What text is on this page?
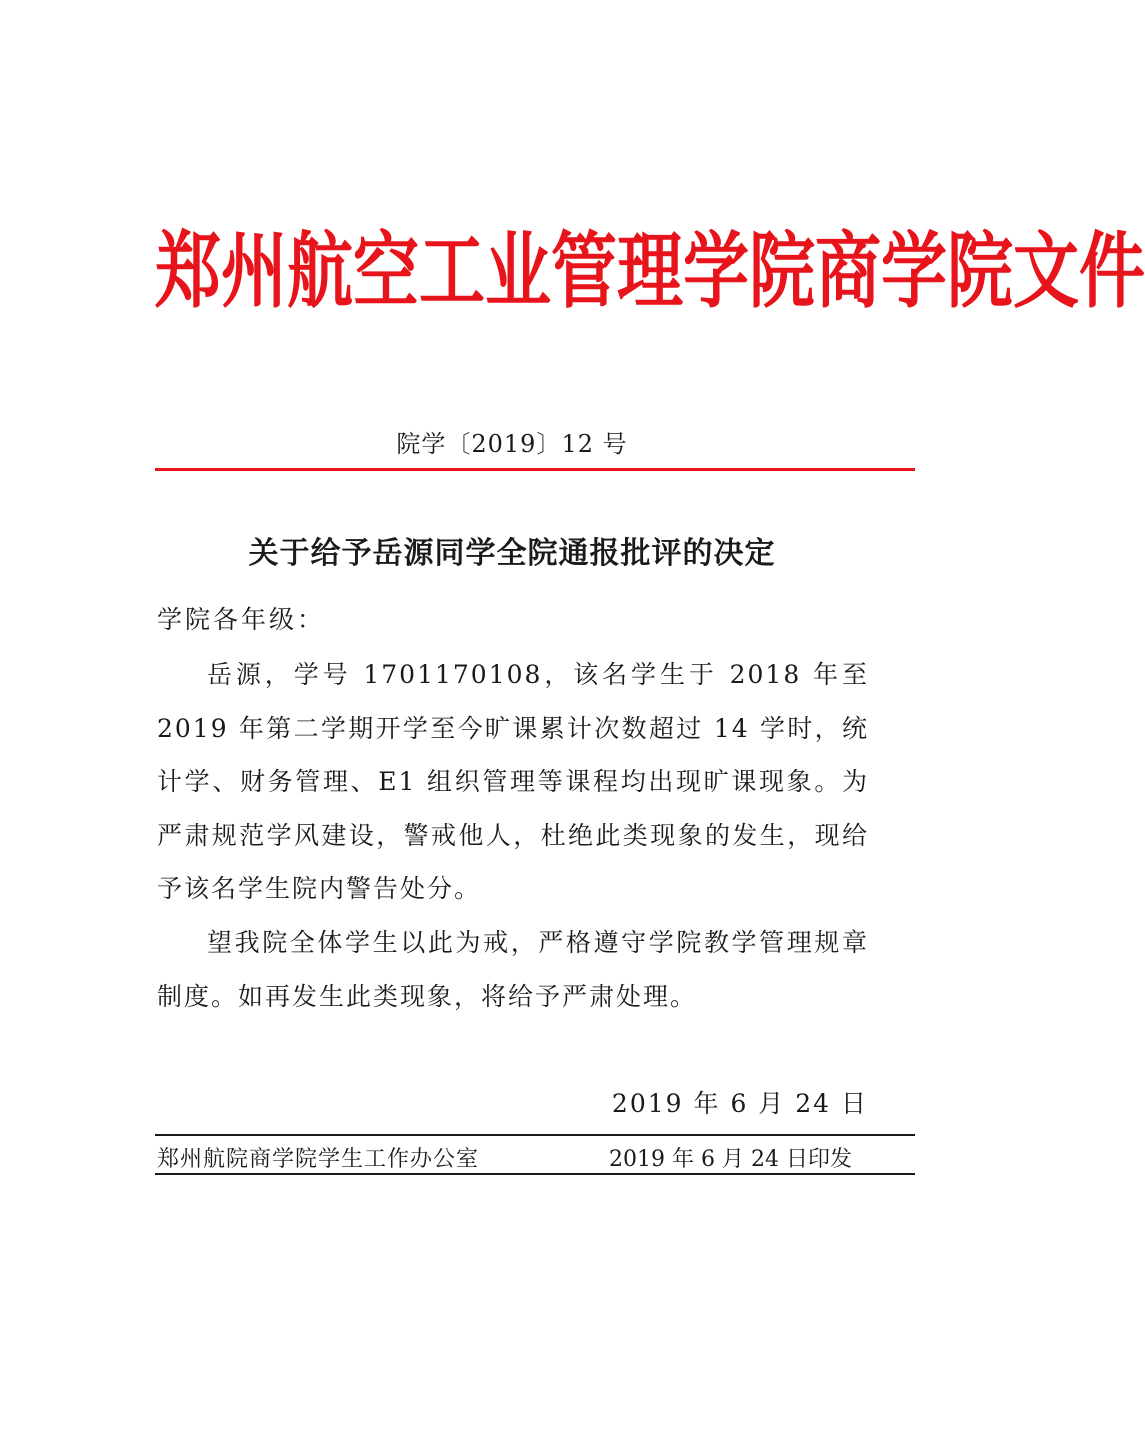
郑 州 航 空 工 业 管 理 学 院 商 学 院 文 件
院学〔2019〕12 号
关于给予岳源同学全院通报批评的决定
学院各年级：

岳源，学号 1701170108，该名学生于 2018 年至 2019 年第二学期开学至今旷课累计次数超过 14 学时，统计学、财务管理、E1 组织管理等课程均出现旷课现象。为严肃规范学风建设，警戒他人，杜绝此类现象的发生，现给予该名学生院内警告处分。

望我院全体学生以此为戒，严格遵守学院教学管理规章制度。如再发生此类现象，将给予严肃处理。

2019 年 6 月 24 日
郑州航院商学院学生工作办公室	2019 年 6 月 24 日印发
